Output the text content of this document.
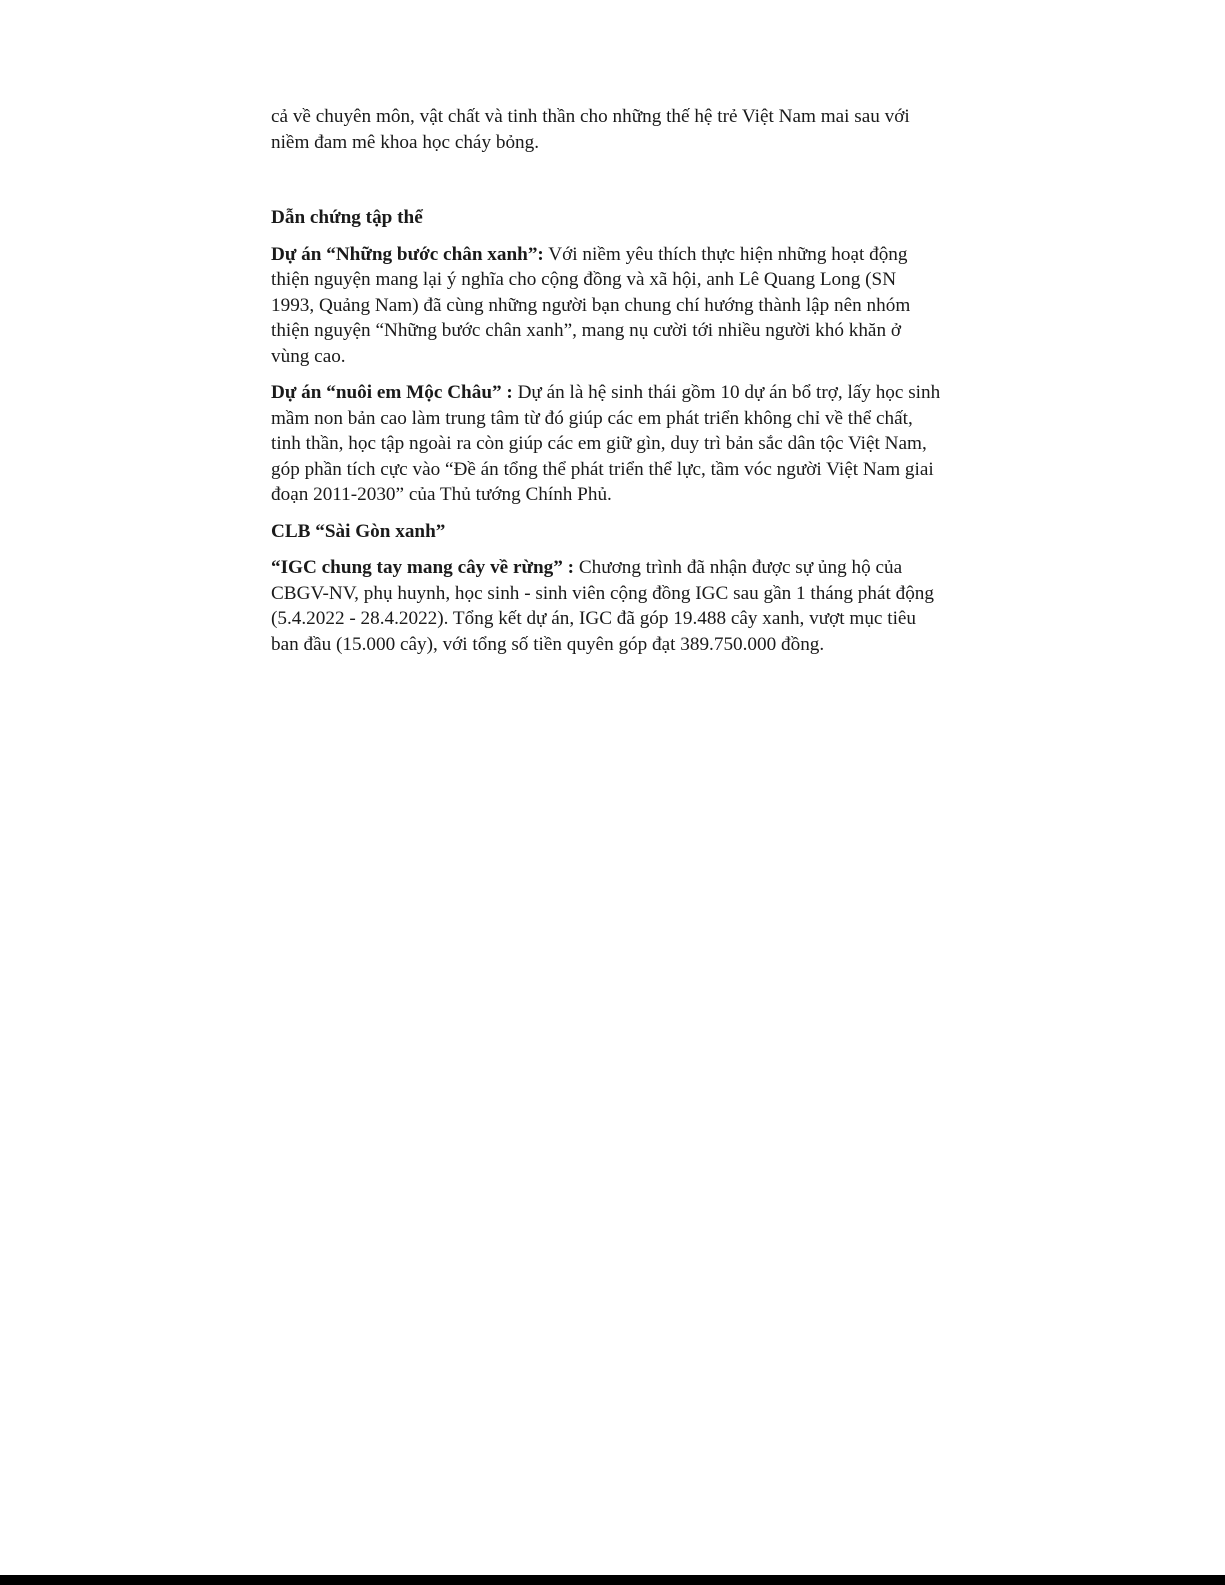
cả về chuyên môn, vật chất và tinh thần cho những thế hệ trẻ Việt Nam mai sau với niềm đam mê khoa học cháy bỏng.

Dẫn chứng tập thể

Dự án “Những bước chân xanh”: Với niềm yêu thích thực hiện những hoạt động thiện nguyện mang lại ý nghĩa cho cộng đồng và xã hội, anh Lê Quang Long (SN 1993, Quảng Nam) đã cùng những người bạn chung chí hướng thành lập nên nhóm thiện nguyện “Những bước chân xanh”, mang nụ cười tới nhiều người khó khăn ở vùng cao.

Dự án “nuôi em Mộc Châu” : Dự án là hệ sinh thái gồm 10 dự án bổ trợ, lấy học sinh mầm non bản cao làm trung tâm từ đó giúp các em phát triển không chỉ về thể chất, tinh thần, học tập ngoài ra còn giúp các em giữ gìn, duy trì bản sắc dân tộc Việt Nam, góp phần tích cực vào “Đề án tổng thể phát triển thể lực, tầm vóc người Việt Nam giai đoạn 2011-2030” của Thủ tướng Chính Phủ.

CLB “Sài Gòn xanh”

“IGC chung tay mang cây về rừng” : Chương trình đã nhận được sự ủng hộ của CBGV-NV, phụ huynh, học sinh - sinh viên cộng đồng IGC sau gần 1 tháng phát động (5.4.2022 - 28.4.2022). Tổng kết dự án, IGC đã góp 19.488 cây xanh, vượt mục tiêu ban đầu (15.000 cây), với tổng số tiền quyên góp đạt 389.750.000 đồng.
